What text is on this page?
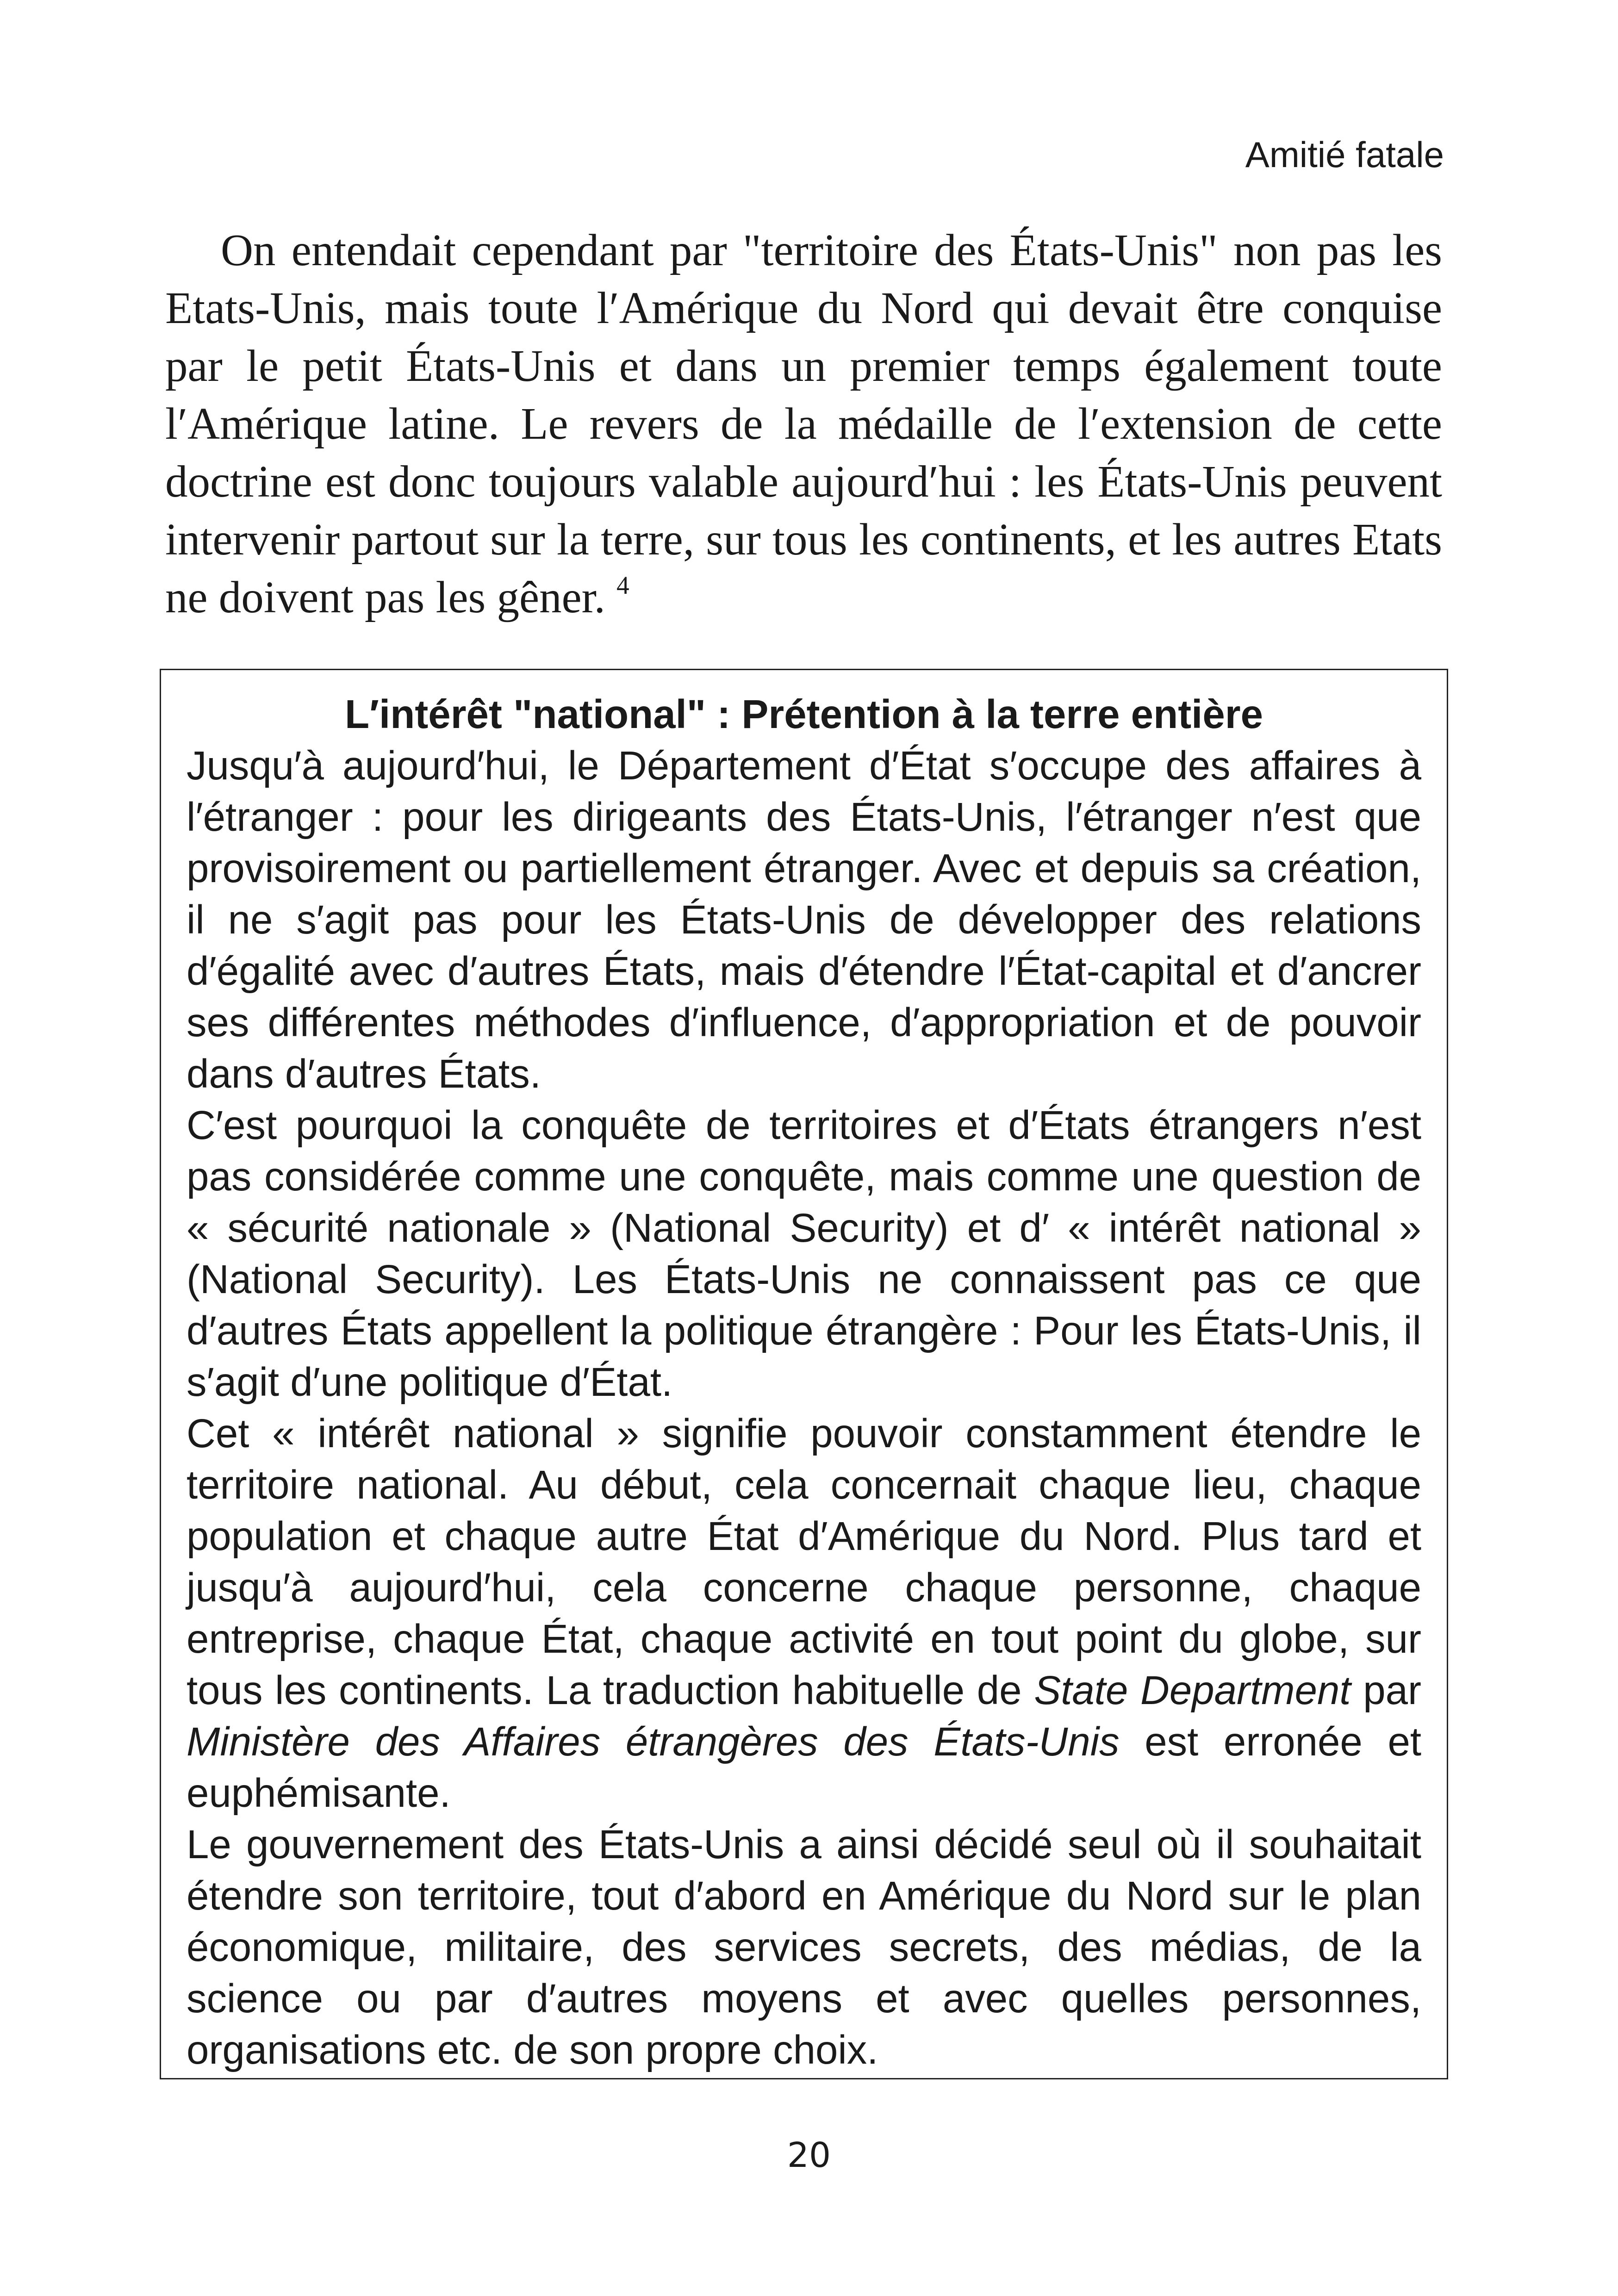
Amitié fatale

On entendait cependant par "territoire des États-Unis" non pas les Etats-Unis, mais toute l′Amérique du Nord qui devait être conquise par le petit États-Unis et dans un premier temps également toute l′Amérique latine. Le revers de la médaille de l′extension de cette doctrine est donc toujours valable aujourd′hui : les États-Unis peuvent intervenir partout sur la terre, sur tous les continents, et les autres Etats ne doivent pas les gêner. $^4$

L′intérêt "national" : Prétention à la terre entière

Jusqu′à aujourd′hui, le Département d′État s′occupe des affaires à l′étranger : pour les dirigeants des États-Unis, l′étranger n′est que provisoirement ou partiellement étranger. Avec et depuis sa création, il ne s′agit pas pour les États-Unis de développer des relations d′égalité avec d′autres États, mais d′étendre l′État-capital et d′ancrer ses différentes méthodes d′influence, d′appropriation et de pouvoir dans d′autres États.

C′est pourquoi la conquête de territoires et d′États étrangers n′est pas considérée comme une conquête, mais comme une question de « sécurité nationale » (National Security) et d′ « intérêt national » (National Security). Les États-Unis ne connaissent pas ce que d′autres États appellent la politique étrangère : Pour les États-Unis, il s′agit d′une politique d′État.

Cet « intérêt national » signifie pouvoir constamment étendre le territoire national. Au début, cela concernait chaque lieu, chaque population et chaque autre État d′Amérique du Nord. Plus tard et jusqu′à aujourd′hui, cela concerne chaque personne, chaque entreprise, chaque État, chaque activité en tout point du globe, sur tous les continents. La traduction habituelle de State Department par Ministère des Affaires étrangères des États-Unis est erronée et euphémisante.

Le gouvernement des États-Unis a ainsi décidé seul où il souhaitait étendre son territoire, tout d′abord en Amérique du Nord sur le plan économique, militaire, des services secrets, des médias, de la science ou par d′autres moyens et avec quelles personnes, organisations etc. de son propre choix.

20
